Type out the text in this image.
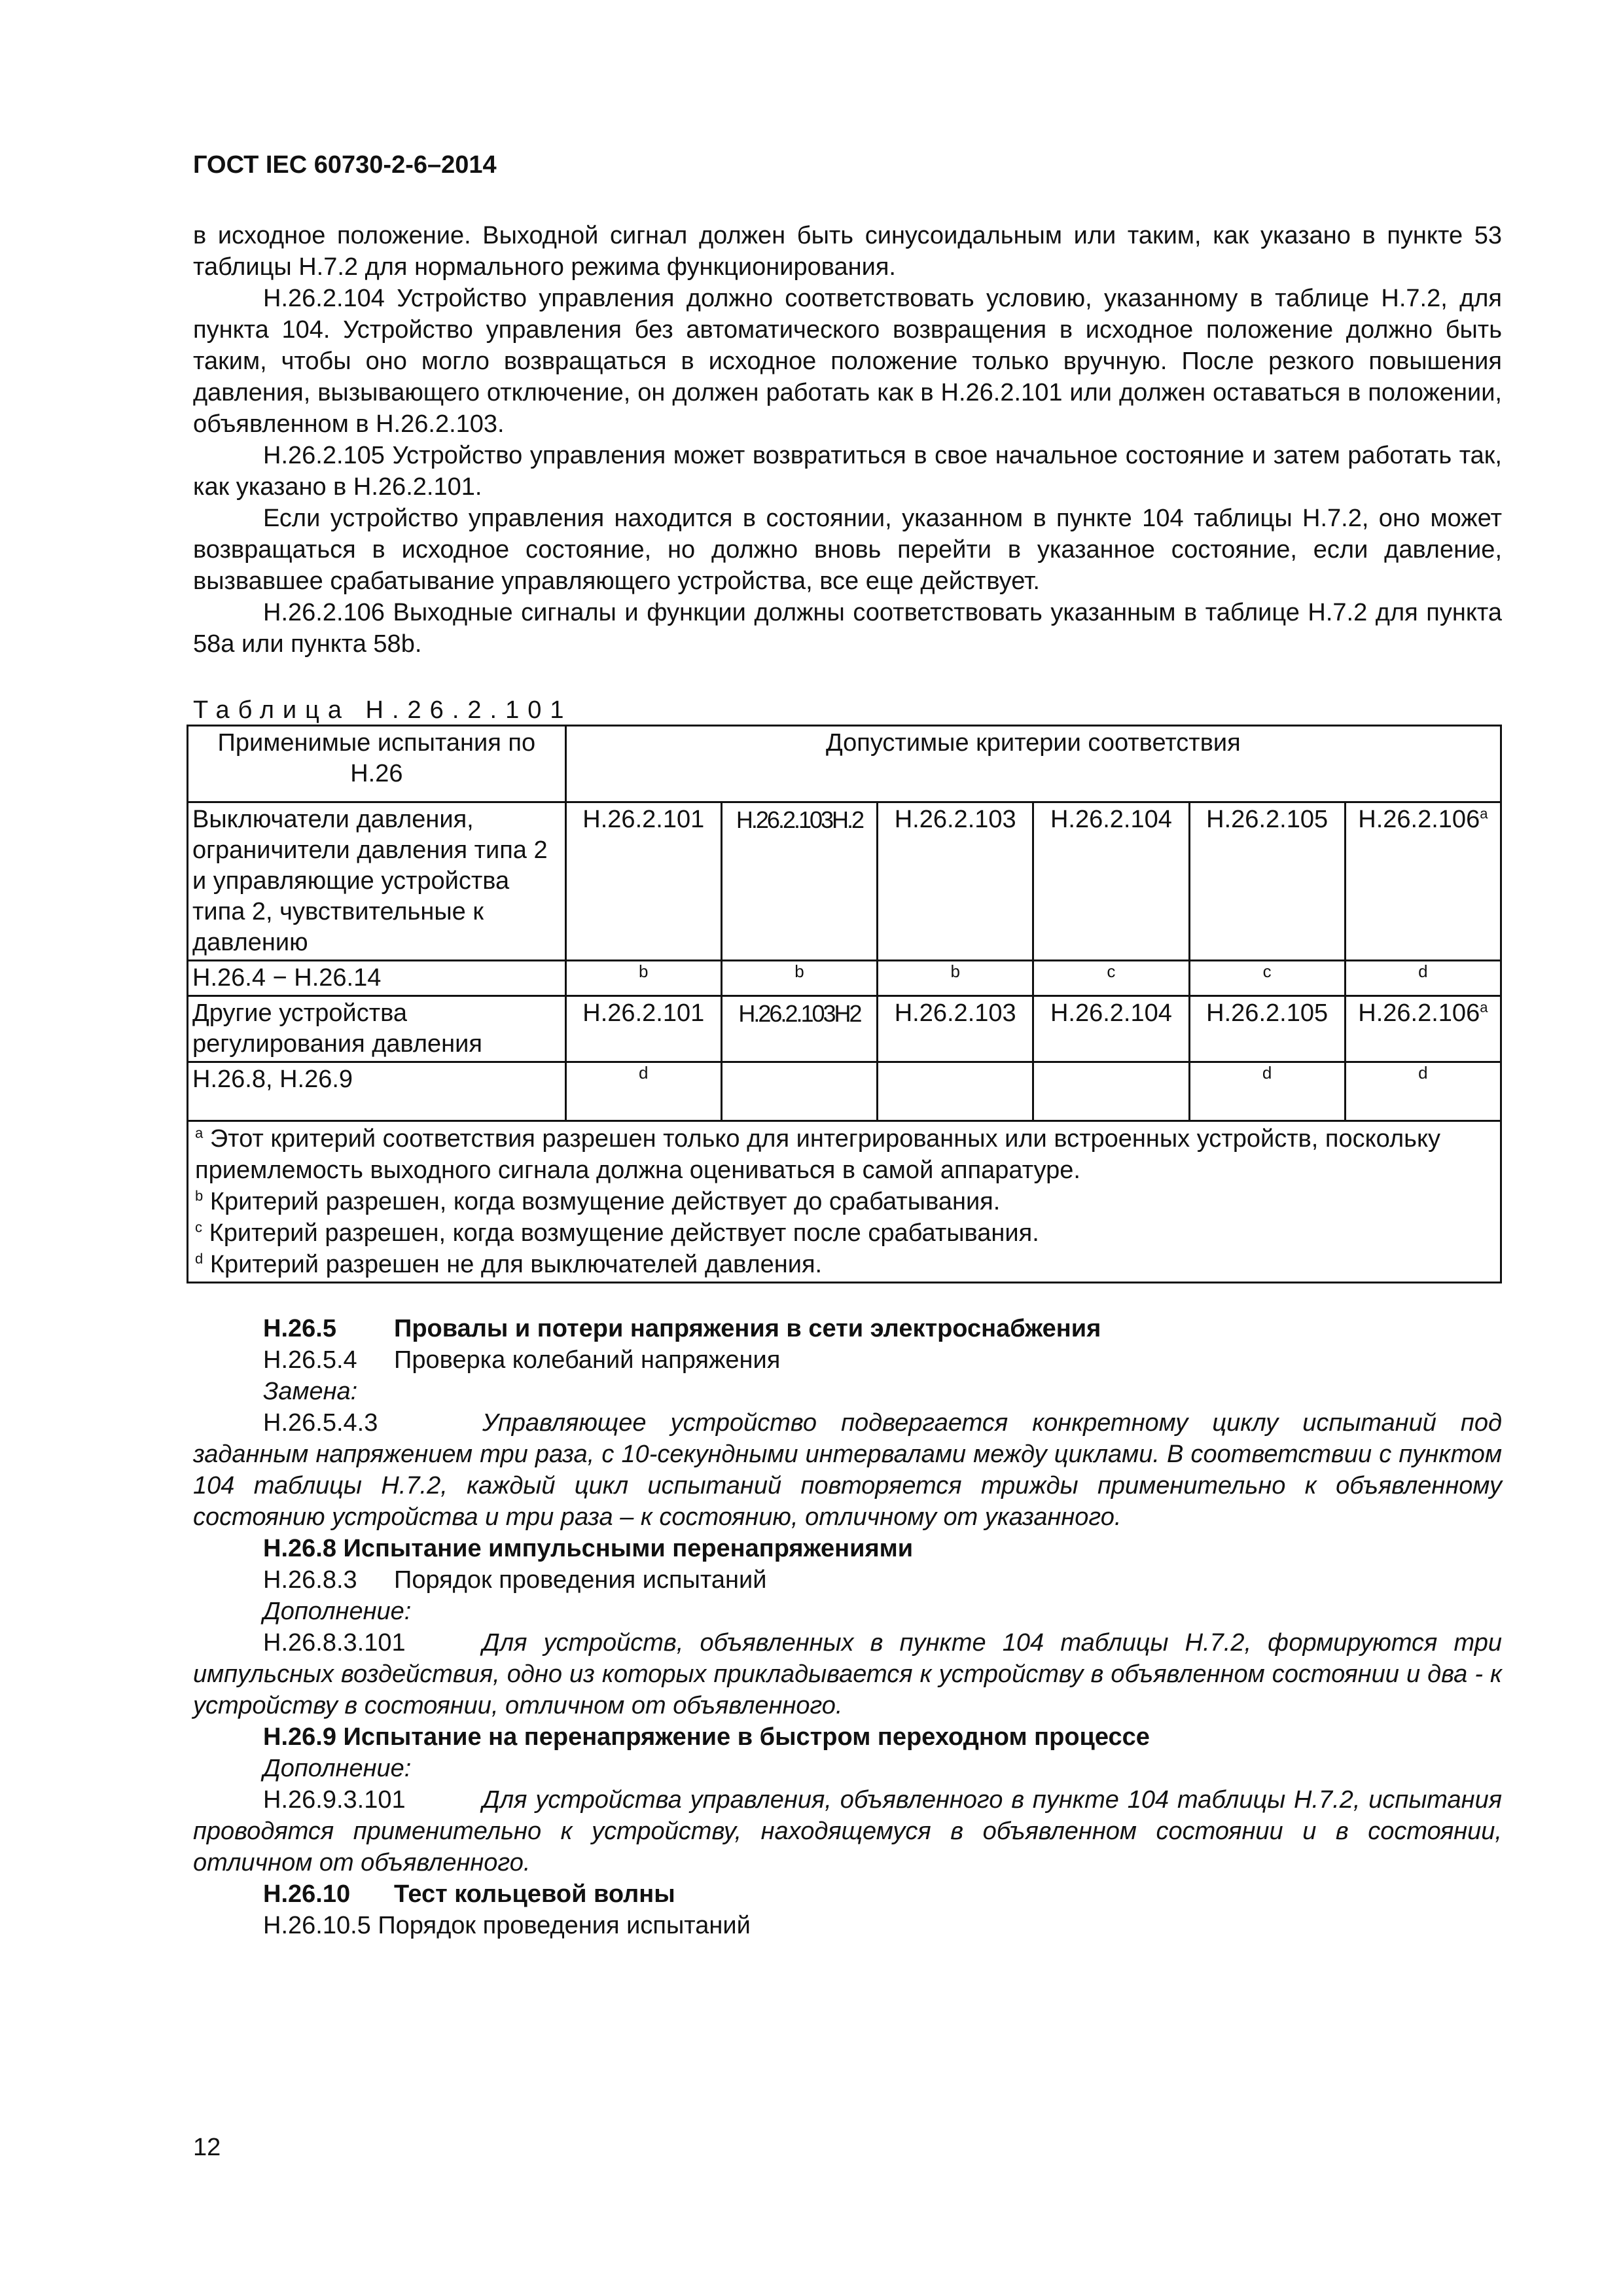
ГОСТ IEC 60730-2-6–2014

в исходное положение. Выходной сигнал должен быть синусоидальным или таким, как указано в пункте 53 таблицы Н.7.2 для нормального режима функционирования.

Н.26.2.104 Устройство управления должно соответствовать условию, указанному в таблице Н.7.2, для пункта 104. Устройство управления без автоматического возвращения в исходное положение должно быть таким, чтобы оно могло возвращаться в исходное положение только вручную. После резкого повышения давления, вызывающего отключение, он должен работать как в Н.26.2.101 или должен оставаться в положении, объявленном в Н.26.2.103.

Н.26.2.105 Устройство управления может возвратиться в свое начальное состояние и затем работать так, как указано в Н.26.2.101.

Если устройство управления находится в состоянии, указанном в пункте 104 таблицы Н.7.2, оно может возвращаться в исходное состояние, но должно вновь перейти в указанное состояние, если давление, вызвавшее срабатывание управляющего устройства, все еще действует.

Н.26.2.106 Выходные сигналы и функции должны соответствовать указанным в таблице Н.7.2 для пункта 58а или пункта 58b.

Таблица Н.26.2.101
Применимые испытания по Н.26	Допустимые критерии соответствия					
Выключатели давления, ограничители давления типа 2 и управляющие устройства типа 2, чувствительные к давлению	Н.26.2.101	Н.26.2.103Н.2	Н.26.2.103	Н.26.2.104	Н.26.2.105	$Н.26.2.106^а$
Н.26.4 − Н.26.14	b	b	b	c	c	d
Другие устройства регулирования давления	Н.26.2.101	Н.26.2.103Н2	Н.26.2.103	Н.26.2.104	Н.26.2.105	$Н.26.2.106^а$
Н.26.8, Н.26.9	d				d	d

$^а$ Этот критерий соответствия разрешен только для интегрированных или встроенных устройств, поскольку приемлемость выходного сигнала должна оцениваться в самой аппаратуре.
$^b$ Критерий разрешен, когда возмущение действует до срабатывания.
$^c$ Критерий разрешен, когда возмущение действует после срабатывания.
$^d$ Критерий разрешен не для выключателей давления.						

Н.26.5 Провалы и потери напряжения в сети электроснабжения

Н.26.5.4 Проверка колебаний напряжения

Замена:

Н.26.5.4.3	Управляющее устройство подвергается конкретному циклу испытаний под заданным напряжением три раза, с 10-секундными интервалами между циклами. В соответствии с пунктом 104 таблицы Н.7.2, каждый цикл испытаний повторяется трижды применительно к объявленному состоянию устройства и три раза – к состоянию, отличному от указанного.

Н.26.8 Испытание импульсными перенапряжениями

Н.26.8.3 Порядок проведения испытаний

Дополнение:

Н.26.8.3.101	Для устройств, объявленных в пункте 104 таблицы Н.7.2, формируются три импульсных воздействия, одно из которых прикладывается к устройству в объявленном состоянии и два - к устройству в состоянии, отличном от объявленного.

Н.26.9 Испытание на перенапряжение в быстром переходном процессе

Дополнение:

Н.26.9.3.101	Для устройства управления, объявленного в пункте 104 таблицы Н.7.2, испытания проводятся применительно к устройству, находящемуся в объявленном состоянии и в состоянии, отличном от объявленного.

Н.26.10 Тест кольцевой волны

Н.26.10.5 Порядок проведения испытаний

12
